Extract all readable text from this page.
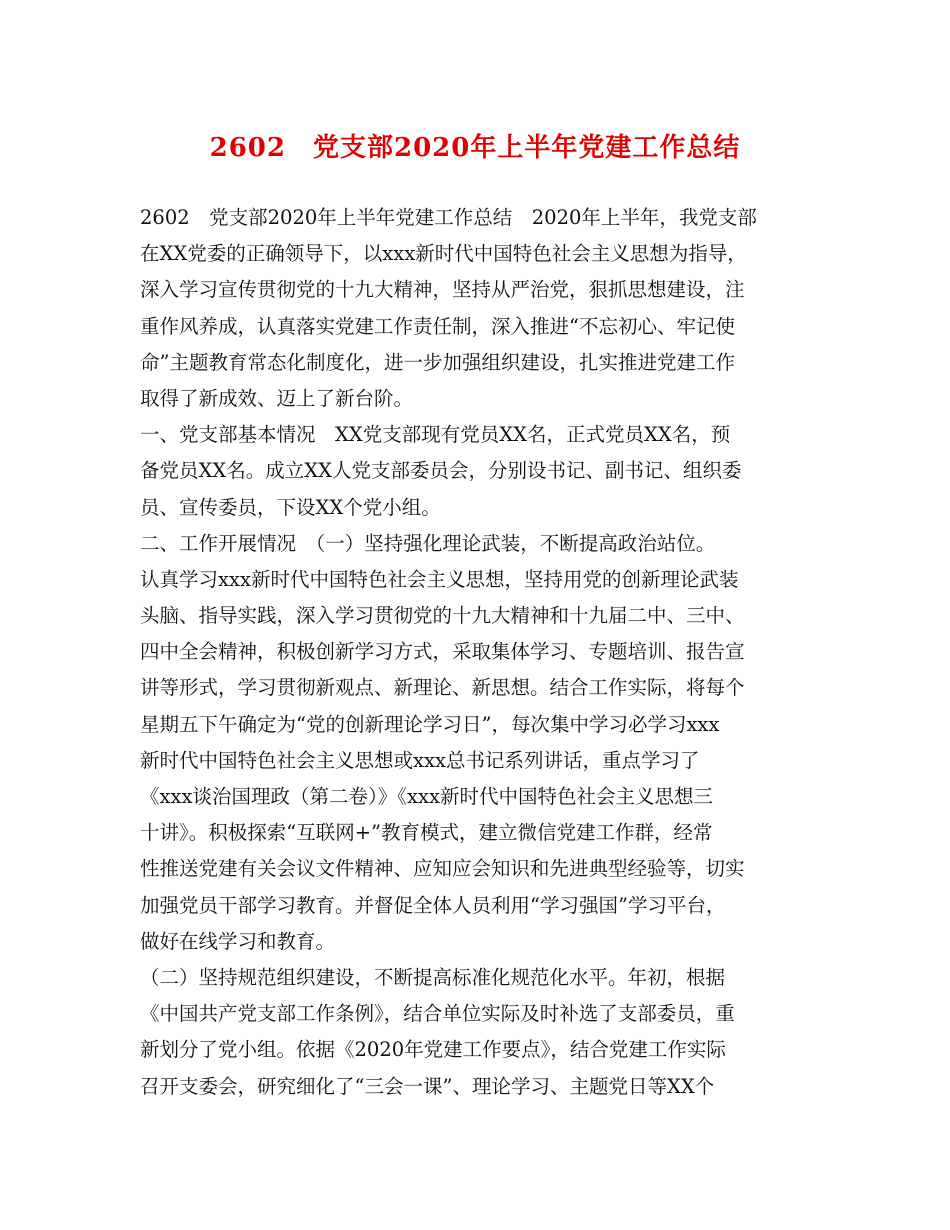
2602　党支部2020年上半年党建工作总结
2602　党支部2020年上半年党建工作总结　2020年上半年，我党支部
在XX党委的正确领导下，以xxx新时代中国特色社会主义思想为指导，
深入学习宣传贯彻党的十九大精神，坚持从严治党，狠抓思想建设，注
重作风养成，认真落实党建工作责任制，深入推进“不忘初心、牢记使
命”主题教育常态化制度化，进一步加强组织建设，扎实推进党建工作
取得了新成效、迈上了新台阶。
一、党支部基本情况　XX党支部现有党员XX名，正式党员XX名，预
备党员XX名。成立XX人党支部委员会，分别设书记、副书记、组织委
员、宣传委员，下设XX个党小组。
二、工作开展情况　（一）坚持强化理论武装，不断提高政治站位。
认真学习xxx新时代中国特色社会主义思想，坚持用党的创新理论武装
头脑、指导实践，深入学习贯彻党的十九大精神和十九届二中、三中、
四中全会精神，积极创新学习方式，采取集体学习、专题培训、报告宣
讲等形式，学习贯彻新观点、新理论、新思想。结合工作实际，将每个
星期五下午确定为“党的创新理论学习日”，每次集中学习必学习xxx
新时代中国特色社会主义思想或xxx总书记系列讲话，重点学习了
《xxx谈治国理政（第二卷）》《xxx新时代中国特色社会主义思想三
十讲》。积极探索“互联网+”教育模式，建立微信党建工作群，经常
性推送党建有关会议文件精神、应知应会知识和先进典型经验等，切实
加强党员干部学习教育。并督促全体人员利用“学习强国”学习平台，
做好在线学习和教育。
（二）坚持规范组织建设，不断提高标准化规范化水平。年初，根据
《中国共产党支部工作条例》，结合单位实际及时补选了支部委员，重
新划分了党小组。依据《2020年党建工作要点》，结合党建工作实际
召开支委会，研究细化了“三会一课”、理论学习、主题党日等XX个
